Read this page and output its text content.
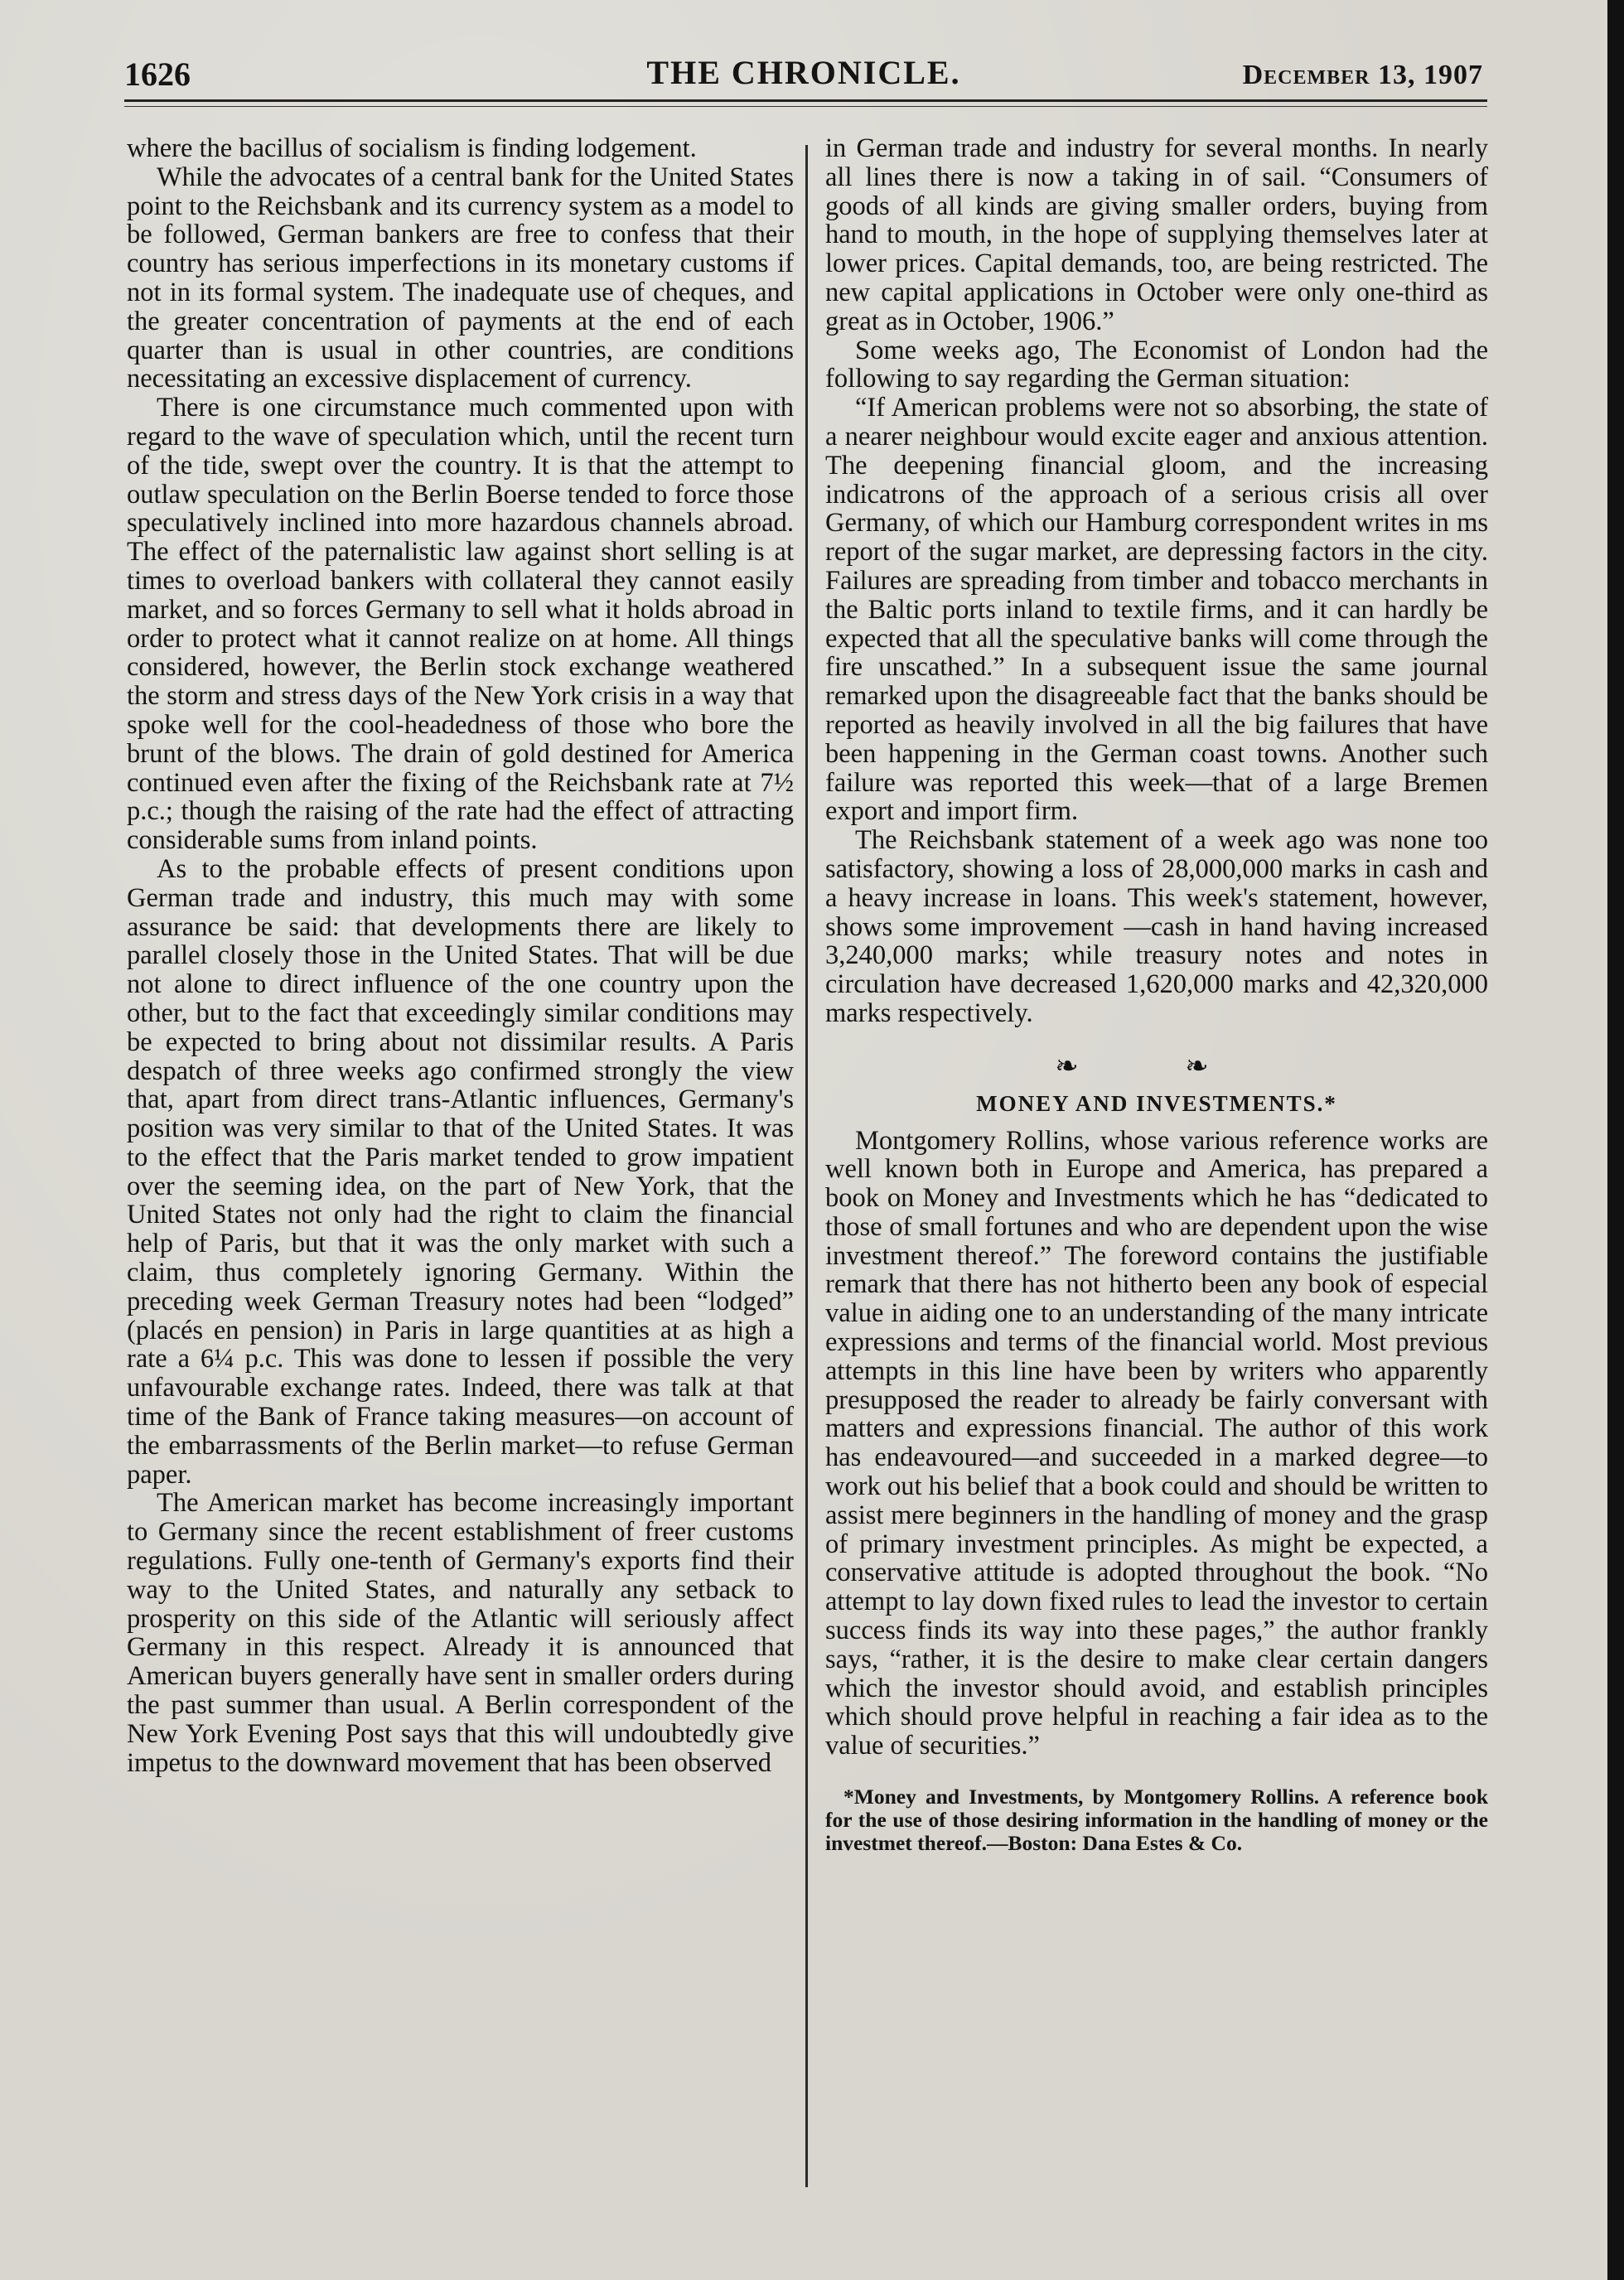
1626	THE CHRONICLE.	December 13, 1907

where the bacillus of socialism is finding lodgement.

While the advocates of a central bank for the United States point to the Reichsbank and its currency system as a model to be followed, German bankers are free to confess that their country has serious imperfections in its monetary customs if not in its formal system. The inadequate use of cheques, and the greater concentration of payments at the end of each quarter than is usual in other countries, are conditions necessitating an excessive displacement of currency.

There is one circumstance much commented upon with regard to the wave of speculation which, until the recent turn of the tide, swept over the country. It is that the attempt to outlaw speculation on the Berlin Boerse tended to force those speculatively inclined into more hazardous channels abroad. The effect of the paternalistic law against short selling is at times to overload bankers with collateral they cannot easily market, and so forces Germany to sell what it holds abroad in order to protect what it cannot realize on at home. All things considered, however, the Berlin stock exchange weathered the storm and stress days of the New York crisis in a way that spoke well for the cool-headedness of those who bore the brunt of the blows. The drain of gold destined for America continued even after the fixing of the Reichsbank rate at 7½ p.c.; though the raising of the rate had the effect of attracting considerable sums from inland points.

As to the probable effects of present conditions upon German trade and industry, this much may with some assurance be said: that developments there are likely to parallel closely those in the United States. That will be due not alone to direct influence of the one country upon the other, but to the fact that exceedingly similar conditions may be expected to bring about not dissimilar results. A Paris despatch of three weeks ago confirmed strongly the view that, apart from direct trans-Atlantic influences, Germany's position was very similar to that of the United States. It was to the effect that the Paris market tended to grow impatient over the seeming idea, on the part of New York, that the United States not only had the right to claim the financial help of Paris, but that it was the only market with such a claim, thus completely ignoring Germany. Within the preceding week German Treasury notes had been “lodged” (placés en pension) in Paris in large quantities at as high a rate a 6¼ p.c. This was done to lessen if possible the very unfavourable exchange rates. Indeed, there was talk at that time of the Bank of France taking measures—on account of the embarrassments of the Berlin market—to refuse German paper.

The American market has become increasingly important to Germany since the recent establishment of freer customs regulations. Fully one-tenth of Germany's exports find their way to the United States, and naturally any setback to prosperity on this side of the Atlantic will seriously affect Germany in this respect. Already it is announced that American buyers generally have sent in smaller orders during the past summer than usual. A Berlin correspondent of the New York Evening Post says that this will undoubtedly give impetus to the downward movement that has been observed

in German trade and industry for several months. In nearly all lines there is now a taking in of sail. “Consumers of goods of all kinds are giving smaller orders, buying from hand to mouth, in the hope of supplying themselves later at lower prices. Capital demands, too, are being restricted. The new capital applications in October were only one-third as great as in October, 1906.”

Some weeks ago, The Economist of London had the following to say regarding the German situation:

“If American problems were not so absorbing, the state of a nearer neighbour would excite eager and anxious attention. The deepening financial gloom, and the increasing indicatrons of the approach of a serious crisis all over Germany, of which our Hamburg correspondent writes in ms report of the sugar market, are depressing factors in the city. Failures are spreading from timber and tobacco merchants in the Baltic ports inland to textile firms, and it can hardly be expected that all the speculative banks will come through the fire unscathed.” In a subsequent issue the same journal remarked upon the disagreeable fact that the banks should be reported as heavily involved in all the big failures that have been happening in the German coast towns. Another such failure was reported this week—that of a large Bremen export and import firm.

The Reichsbank statement of a week ago was none too satisfactory, showing a loss of 28,000,000 marks in cash and a heavy increase in loans. This week's statement, however, shows some improvement —cash in hand having increased 3,240,000 marks; while treasury notes and notes in circulation have decreased 1,620,000 marks and 42,320,000 marks respectively.

❧ ❧
MONEY AND INVESTMENTS.*

Montgomery Rollins, whose various reference works are well known both in Europe and America, has prepared a book on Money and Investments which he has “dedicated to those of small fortunes and who are dependent upon the wise investment thereof.” The foreword contains the justifiable remark that there has not hitherto been any book of especial value in aiding one to an understanding of the many intricate expressions and terms of the financial world. Most previous attempts in this line have been by writers who apparently presupposed the reader to already be fairly conversant with matters and expressions financial. The author of this work has endeavoured—and succeeded in a marked degree—to work out his belief that a book could and should be written to assist mere beginners in the handling of money and the grasp of primary investment principles. As might be expected, a conservative attitude is adopted throughout the book. “No attempt to lay down fixed rules to lead the investor to certain success finds its way into these pages,” the author frankly says, “rather, it is the desire to make clear certain dangers which the investor should avoid, and establish principles which should prove helpful in reaching a fair idea as to the value of securities.”

*Money and Investments, by Montgomery Rollins. A reference book for the use of those desiring information in the handling of money or the investmet thereof.—Boston: Dana Estes & Co.
